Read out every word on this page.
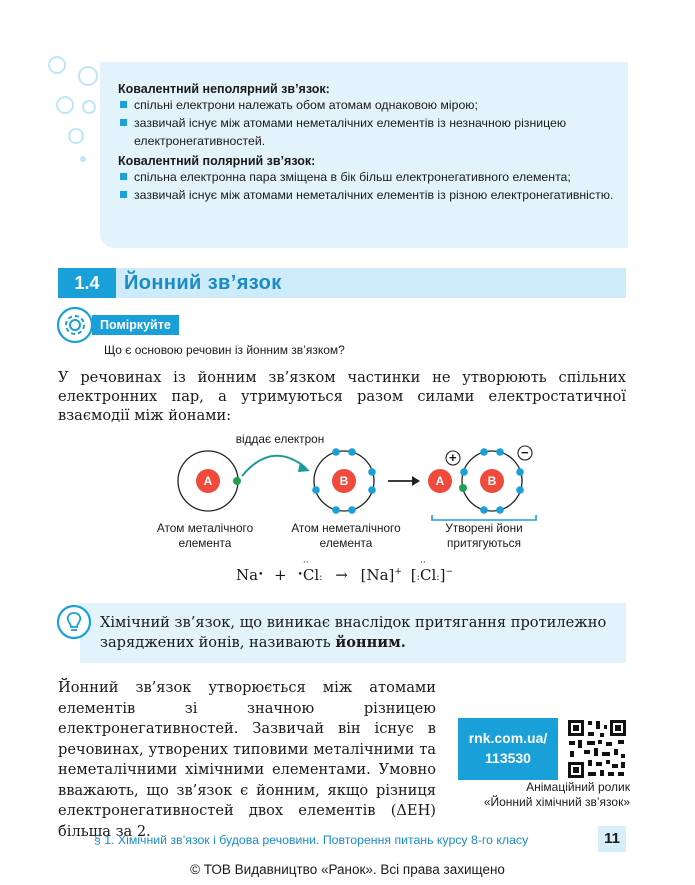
Ковалентний неполярний зв’язок:

спільні електрони належать обом атомам однаковою мірою;
зазвичай існує між атомами неметалічних елементів із незначною різницею електронегативностей.

Ковалентний полярний зв’язок:

спільна електронна пара зміщена в бік більш електронегативного елемента;
зазвичай існує між атомами неметалічних елементів із різною електронегативністю.
1.4	Йонний зв’язок
Поміркуйте
Що є основою речовин із йонним зв’язком?
У речовинах із йонним зв’язком частинки не утворюють спільних електронних пар, а утримуються разом силами електростатичної взаємодії між йонами:
+	−
A	B	A	B
віддає електрон
Атом металічного елемента
Атом неметалічного елемента
Утворені йони притягуються
Na• + •
··
Cl: → [Na]+ [:
··
Cl:]−
Хімічний зв’язок, що виникає внаслідок притягання протилежно заряджених йонів, називають йонним.
Йонний зв’язок утворюється між атомами елементів зі значною різницею електронегативностей. Зазвичай він існує в речовинах, утворених типовими металічними та неметалічними хімічними елементами. Умовно вважають, що зв’язок є йонним, якщо різниця електронегативностей двох елементів (ΔЕН) більша за 2.
rnk.com.ua/
113530
Анімаційний ролик
«Йонний хімічний зв’язок»
§ 1. Хімічний зв’язок і будова речовини. Повторення питань курсу 8-го класу	11
© ТОВ Видавництво «Ранок». Всі права захищено
